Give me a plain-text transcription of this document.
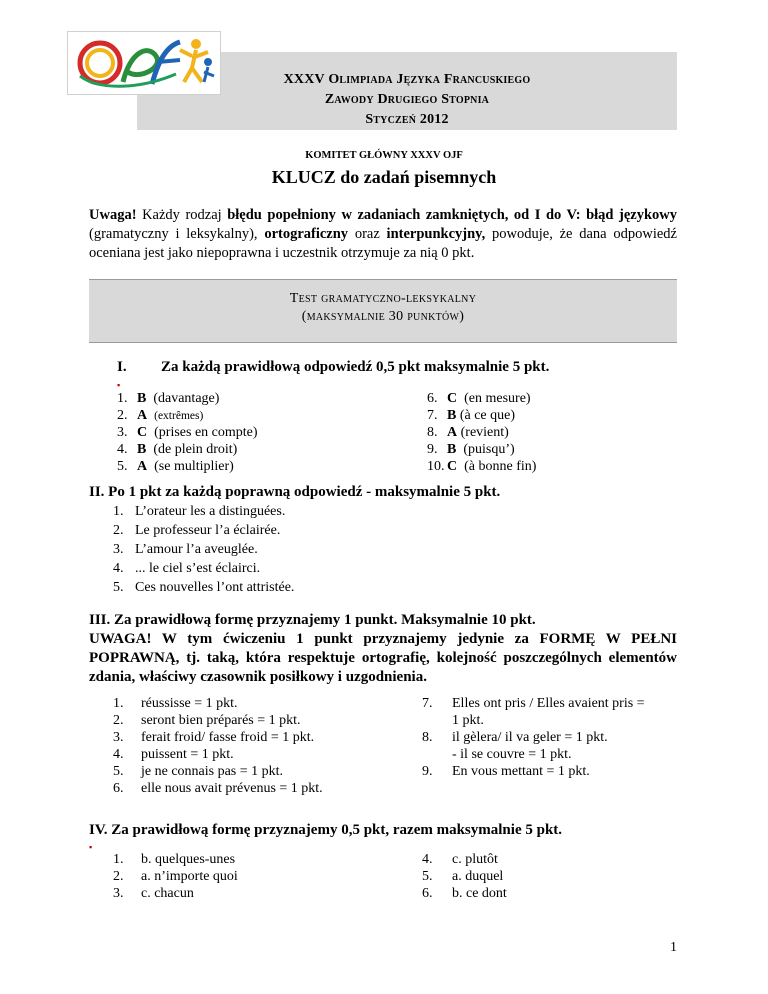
XXXV Olimpiada Języka Francuskiego
Zawody Drugiego Stopnia
Styczeń 2012
KOMITET GŁÓWNY XXXV OJF
KLUCZ do zadań pisemnych
Uwaga! Każdy rodzaj błędu popełniony w zadaniach zamkniętych, od I do V: błąd językowy (gramatyczny i leksykalny), ortograficzny oraz interpunkcyjny, powoduje, że dana odpowiedź oceniana jest jako niepoprawna i uczestnik otrzymuje za nią 0 pkt.
Test gramatyczno-leksykalny
(maksymalnie 30 punktów)
I. Za każdą prawidłową odpowiedź 0,5 pkt maksymalnie 5 pkt.
▪
1. B (davantage)
2. A (extrêmes)
3. C (prises en compte)
4. B (de plein droit)
5. A (se multiplier)
6. C (en mesure)
7. B (à ce que)
8. A (revient)
9. B (puisqu’)
10. C (à bonne fin)
II. Po 1 pkt za każdą poprawną odpowiedź - maksymalnie 5 pkt.
1. L’orateur les a distinguées.
2. Le professeur l’a éclairée.
3. L’amour l’a aveuglée.
4. ... le ciel s’est éclairci.
5. Ces nouvelles l’ont attristée.
III. Za prawidłową formę przyznajemy 1 punkt. Maksymalnie 10 pkt.
UWAGA! W tym ćwiczeniu 1 punkt przyznajemy jedynie za FORMĘ W PEŁNI POPRAWNĄ, tj. taką, która respektuje ortografię, kolejność poszczególnych elementów zdania, właściwy czasownik posiłkowy i uzgodnienia.
1. réussisse = 1 pkt.
2. seront bien préparés = 1 pkt.
3. ferait froid/ fasse froid = 1 pkt.
4. puissent = 1 pkt.
5. je ne connais pas = 1 pkt.
6. elle nous avait prévenus = 1 pkt.
7. Elles ont pris / Elles avaient pris =
1 pkt.
8. il gèlera/ il va geler = 1 pkt.
- il se couvre = 1 pkt.
9. En vous mettant = 1 pkt.
IV. Za prawidłową formę przyznajemy 0,5 pkt, razem maksymalnie 5 pkt.
▪
1. b. quelques-unes
2. a. n’importe quoi
3. c. chacun
4. c. plutôt
5. a. duquel
6. b. ce dont
1
